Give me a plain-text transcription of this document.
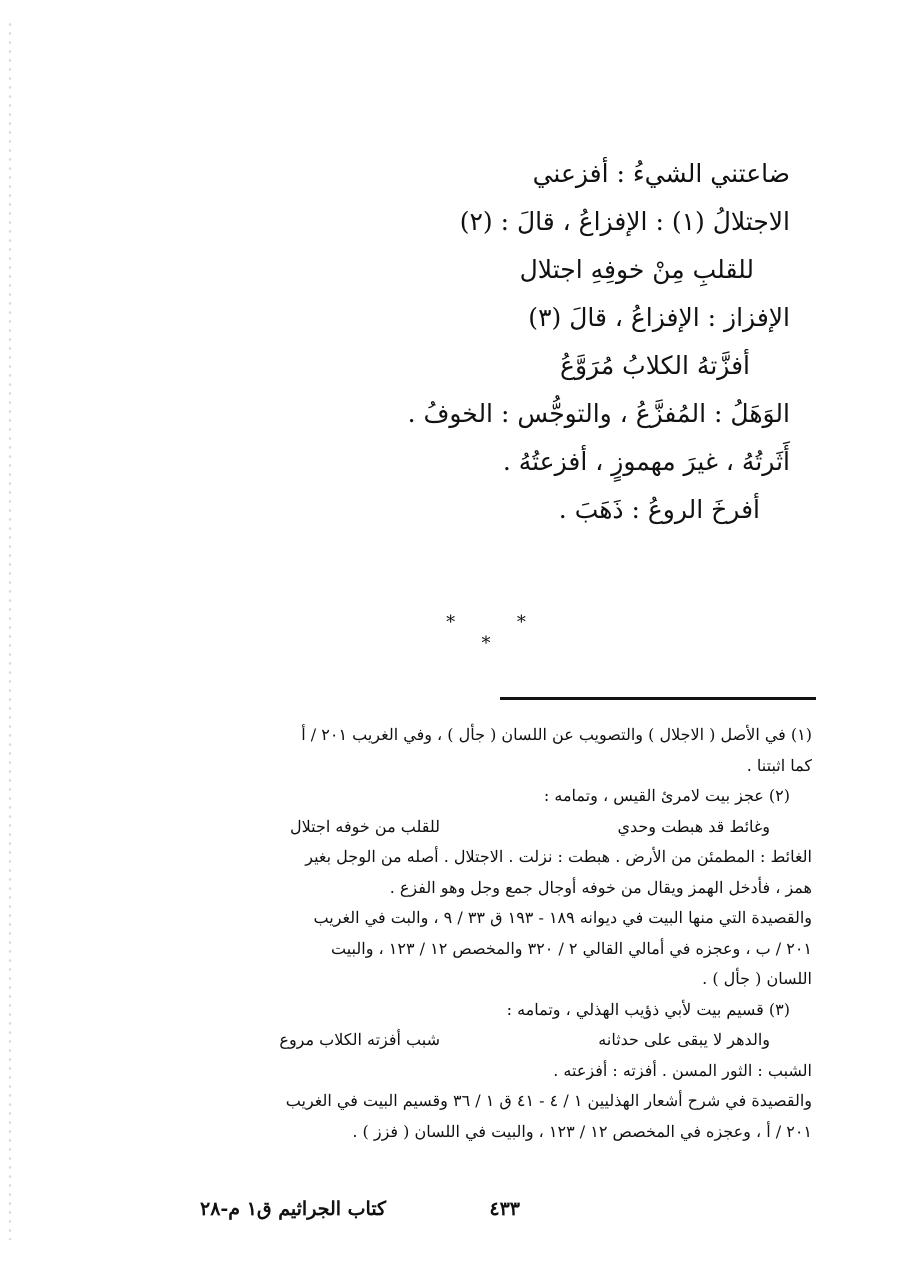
ضاعتني الشيءُ : أفزعني
الاجتلالُ (١) : الإفزاعُ ، قالَ : (٢)
للقلبِ مِنْ خوفِهِ اجتلال
الإفزاز : الإفزاعُ ، قالَ (٣)
أفزَّتهُ الكلابُ مُرَوَّعُ
الوَهَلُ : المُفزَّعُ ، والتوجُّس : الخوفُ .
أَثَرتُهُ ، غيرَ مهموزٍ ، أفزعتُهُ .
أفرخَ الروعُ : ذَهَبَ .
* * *
(١) في الأصل ( الاجلال ) والتصويب عن اللسان ( جأل ) ، وفي الغريب ٢٠١ / أ
كما اثبتنا .
(٢) عجز بيت لامرئ القيس ، وتمامه :
وغائط قد هبطت وحدي
للقلب من خوفه اجتلال
الغائط : المطمئن من الأرض . هبطت : نزلت . الاجتلال . أصله من الوجل بغير
همز ، فأدخل الهمز ويقال من خوفه أوجال جمع وجل وهو الفزع .
والقصيدة التي منها البيت في ديوانه ١٨٩ - ١٩٣ ق ٣٣ / ٩ ، والبت في الغريب
٢٠١ / ب ، وعجزه في أمالي القالي ٢ / ٣٢٠ والمخصص ١٢ / ١٢٣ ، والبيت
اللسان ( جأل ) .
(٣) قسيم بيت لأبي ذؤيب الهذلي ، وتمامه :
والدهر لا يبقى على حدثانه
شبب أفزته الكلاب مروع
الشبب : الثور المسن . أفزته : أفزعته .
والقصيدة في شرح أشعار الهذليين ١ / ٤ - ٤١ ق ١ / ٣٦ وقسيم البيت في الغريب
٢٠١ / أ ، وعجزه في المخصص ١٢ / ١٢٣ ، والبيت في اللسان ( فزز ) .
كتاب الجراثيم ق١ م-٢٨	٤٣٣
